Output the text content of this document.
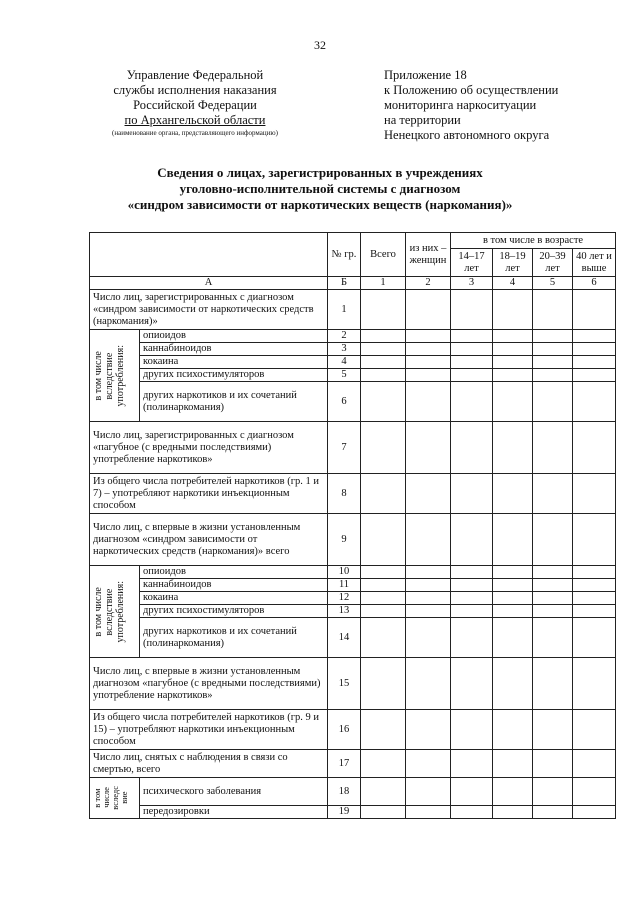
32
Управление Федеральной
службы исполнения наказания
Российской Федерации
по Архангельской области
(наименование органа, представляющего информацию)
Приложение 18
к Положению об осуществлении
мониторинга наркоситуации
на территории
Ненецкого автономного округа
Сведения о лицах, зарегистрированных в учреждениях
уголовно-исполнительной системы с диагнозом
«синдром зависимости от наркотических веществ (наркомания)»
		№ гр.	Всего	из них – женщин	в том числе в возрасте			
					14–17 лет	18–19 лет	20–39 лет	40 лет и выше
А		Б	1	2	3	4	5	6
Число лиц, зарегистрированных с диагнозом «синдром зависимости от наркотических средств (наркомания)»		1						

в том числе
вследствие
употребления:	опиоидов	2						
	каннабиноидов	3						
	кокаина	4						
	других психостимуляторов	5						
	других наркотиков и их сочетаний (полинаркомания)	6						
Число лиц, зарегистрированных с диагнозом «пагубное (с вредными последствиями) употребление наркотиков»		7						
Из общего числа потребителей наркотиков (гр. 1 и 7) – употребляют наркотики инъекционным способом		8						
Число лиц, с впервые в жизни установленным диагнозом «синдром зависимости от наркотических средств (наркомания)» всего		9						

в том числе
вследствие
употребления:	опиоидов	10						
	каннабиноидов	11						
	кокаина	12						
	других психостимуляторов	13						
	других наркотиков и их сочетаний (полинаркомания)	14						
Число лиц, с впервые в жизни установленным диагнозом «пагубное (с вредными последствиями) употребление наркотиков»		15						
Из общего числа потребителей наркотиков (гр. 9 и 15) – употребляют наркотики инъекционным способом		16						
Число лиц, снятых с наблюдения в связи со смертью, всего		17						

в том
числе
вследс
вие	психического заболевания	18						
	передозировки	19						
